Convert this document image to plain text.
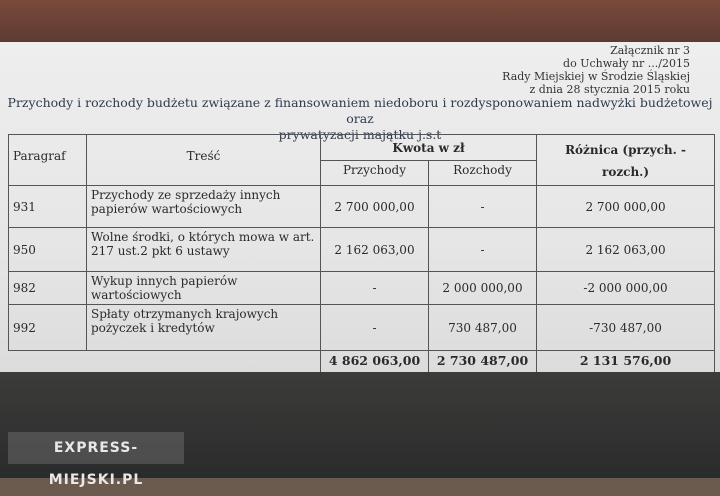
Załącznik nr 3
do Uchwały nr .../2015
Rady Miejskiej w Środzie Śląskiej
z dnia 28 stycznia 2015 roku
Przychody i rozchody budżetu związane z finansowaniem niedoboru i rozdysponowaniem nadwyżki budżetowej oraz
prywatyzacji majątku j.s.t
Paragraf	Treść	Kwota w zł		Różnica (przych. -
rozch.)

		Przychody	Rozchody	
931	Przychody ze sprzedaży innych papierów wartościowych	2 700 000,00	-	2 700 000,00
950	Wolne środki, o których mowa w art. 217 ust.2 pkt 6 ustawy	2 162 063,00	-	2 162 063,00
982	Wykup innych papierów wartościowych	-	2 000 000,00	-2 000 000,00
992	Spłaty otrzymanych krajowych pożyczek i kredytów	-	730 487,00	-730 487,00
		4 862 063,00	2 730 487,00	2 131 576,00
EXPRESS-MIEJSKI.PL
